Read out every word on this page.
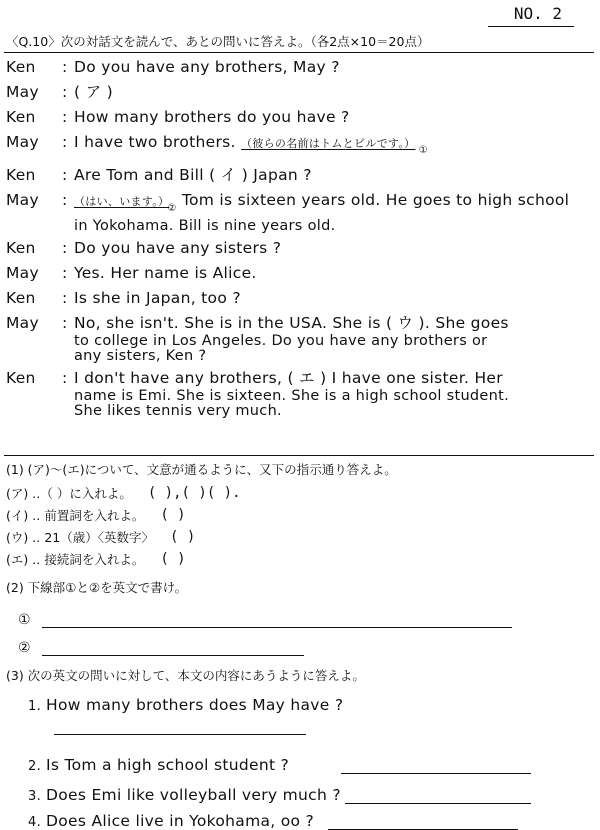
NO. 2
〈Q.10〉次の対話文を読んで、あとの問いに答えよ。（各2点×10＝20点）
Ken	: Do you have any brothers, May ?
May	: ( ア )
Ken	: How many brothers do you have ?
May	: I have two brothers. （彼らの名前はトムとビルです。） $_①$
Ken	: Are Tom and Bill ( イ ) Japan ?
May	: （はい、います。）$_②$ Tom is sixteen years old. He goes to high school
in Yokohama. Bill is nine years old.
Ken	: Do you have any sisters ?
May	: Yes. Her name is Alice.
Ken	: Is she in Japan, too ?
May	: No, she isn't. She is in the USA. She is ( ウ ). She goes
to college in Los Angeles. Do you have any brothers or
any sisters, Ken ?
Ken	: I don't have any brothers, ( エ ) I have one sister. Her
name is Emi. She is sixteen. She is a high school student.
She likes tennis very much.
(1) (ア)～(エ)について、文意が通るように、又下の指示通り答えよ。
(ア) ‥（ ）に入れよ。 ( ),( )( ).
(イ) ‥ 前置詞を入れよ。 ( )
(ウ) ‥ 21（歳）〈英数字〉 ( )
(エ) ‥ 接続詞を入れよ。 ( )
(2) 下線部①と②を英文で書け。
①
②
(3) 次の英文の問いに対して、本文の内容にあうように答えよ。
1. How many brothers does May have ?
2. Is Tom a high school student ?
3. Does Emi like volleyball very much ?
4. Does Alice live in Yokohama, oo ?
